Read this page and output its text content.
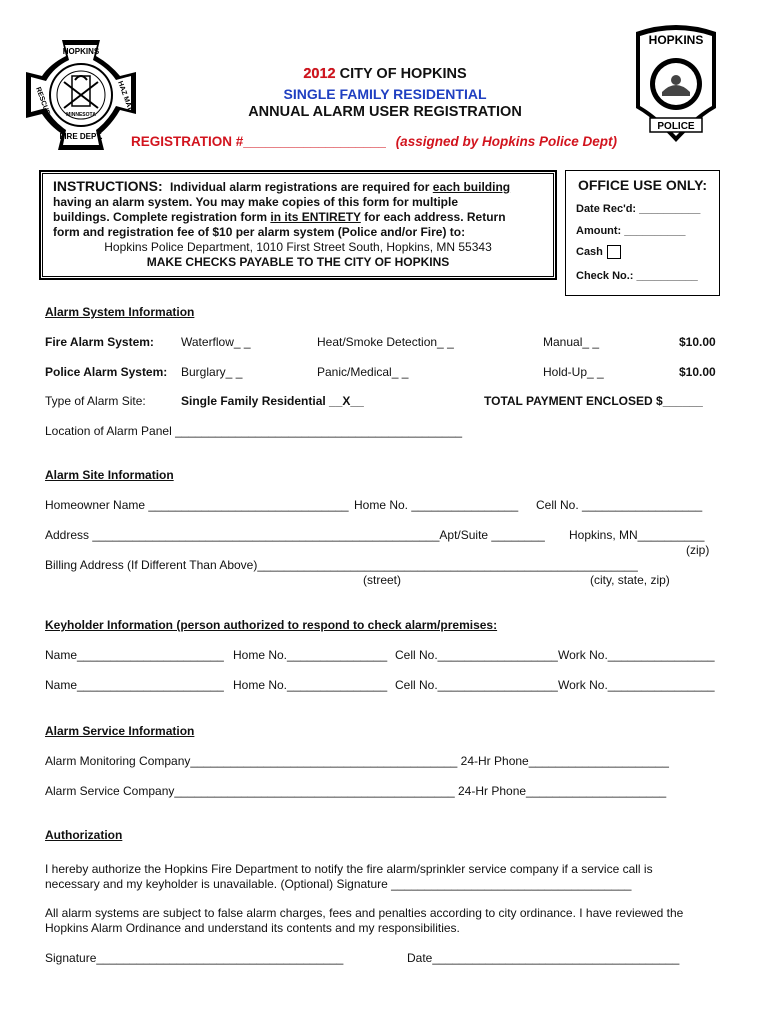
HOPKINS
MINNESOTA
FIRE DEPT.
RESCUE	HAZ MAT
HOPKINS
POLICE
2012 CITY OF HOPKINS
SINGLE FAMILY RESIDENTIAL
ANNUAL ALARM USER REGISTRATION
REGISTRATION #___________________ (assigned by Hopkins Police Dept)
INSTRUCTIONS: Individual alarm registrations are required for each building
having an alarm system. You may make copies of this form for multiple
buildings. Complete registration form in its ENTIRETY for each address. Return
form and registration fee of $10 per alarm system (Police and/or Fire) to:
Hopkins Police Department, 1010 First Street South, Hopkins, MN 55343
MAKE CHECKS PAYABLE TO THE CITY OF HOPKINS
OFFICE USE ONLY:
Date Rec'd: __________
Amount: __________
Cash
Check No.: __________
Alarm System Information
Fire Alarm System: Waterflow_ _	Heat/Smoke Detection_ _	Manual_ _	$10.00
Police Alarm System: Burglary_ _	Panic/Medical_ _	Hold-Up_ _	$10.00
Type of Alarm Site:	Single Family Residential __X__	TOTAL PAYMENT ENCLOSED $______
Location of Alarm Panel ___________________________________________
Alarm Site Information
Homeowner Name ______________________________ Home No. ________________ Cell No. __________________
Address ____________________________________________________Apt/Suite ________ Hopkins, MN__________
(zip)
Billing Address (If Different Than Above)_________________________________________________________
(street)	(city, state, zip)
Keyholder Information (person authorized to respond to check alarm/premises:
Name______________________ Home No._______________ Cell No.__________________ Work No.________________
Name______________________ Home No._______________ Cell No.__________________ Work No.________________
Alarm Service Information
Alarm Monitoring Company________________________________________ 24-Hr Phone_____________________
Alarm Service Company__________________________________________ 24-Hr Phone_____________________
Authorization
I hereby authorize the Hopkins Fire Department to notify the fire alarm/sprinkler service company if a service call is
necessary and my keyholder is unavailable. (Optional) Signature ____________________________________
All alarm systems are subject to false alarm charges, fees and penalties according to city ordinance. I have reviewed the
Hopkins Alarm Ordinance and understand its contents and my responsibilities.
Signature_____________________________________	Date_____________________________________
